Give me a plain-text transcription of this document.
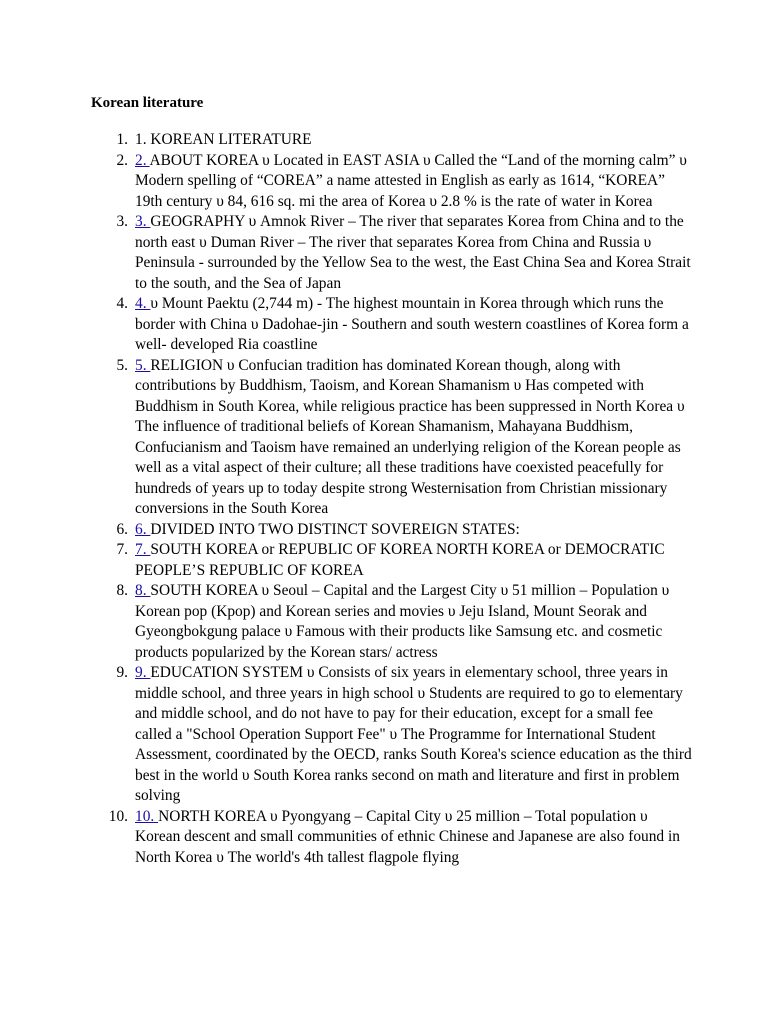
Korean literature
1. 1. KOREAN LITERATURE
2. 2. ABOUT KOREA υ Located in EAST ASIA υ Called the “Land of the morning calm” υ Modern spelling of “COREA” a name attested in English as early as 1614, “KOREA” 19th century υ 84, 616 sq. mi the area of Korea υ 2.8 % is the rate of water in Korea
3. 3. GEOGRAPHY υ Amnok River – The river that separates Korea from China and to the north east υ Duman River – The river that separates Korea from China and Russia υ Peninsula - surrounded by the Yellow Sea to the west, the East China Sea and Korea Strait to the south, and the Sea of Japan
4. 4. υ Mount Paektu (2,744 m) - The highest mountain in Korea through which runs the border with China υ Dadohae-jin - Southern and south western coastlines of Korea form a well- developed Ria coastline
5. 5. RELIGION υ Confucian tradition has dominated Korean though, along with contributions by Buddhism, Taoism, and Korean Shamanism υ Has competed with Buddhism in South Korea, while religious practice has been suppressed in North Korea υ The influence of traditional beliefs of Korean Shamanism, Mahayana Buddhism, Confucianism and Taoism have remained an underlying religion of the Korean people as well as a vital aspect of their culture; all these traditions have coexisted peacefully for hundreds of years up to today despite strong Westernisation from Christian missionary conversions in the South Korea
6. 6. DIVIDED INTO TWO DISTINCT SOVEREIGN STATES:
7. 7. SOUTH KOREA or REPUBLIC OF KOREA NORTH KOREA or DEMOCRATIC PEOPLE’S REPUBLIC OF KOREA
8. 8. SOUTH KOREA υ Seoul – Capital and the Largest City υ 51 million – Population υ Korean pop (Kpop) and Korean series and movies υ Jeju Island, Mount Seorak and Gyeongbokgung palace υ Famous with their products like Samsung etc. and cosmetic products popularized by the Korean stars/ actress
9. 9. EDUCATION SYSTEM υ Consists of six years in elementary school, three years in middle school, and three years in high school υ Students are required to go to elementary and middle school, and do not have to pay for their education, except for a small fee called a "School Operation Support Fee" υ The Programme for International Student Assessment, coordinated by the OECD, ranks South Korea's science education as the third best in the world υ South Korea ranks second on math and literature and first in problem solving
10. 10. NORTH KOREA υ Pyongyang – Capital City υ 25 million – Total population υ Korean descent and small communities of ethnic Chinese and Japanese are also found in North Korea υ The world's 4th tallest flagpole flying
